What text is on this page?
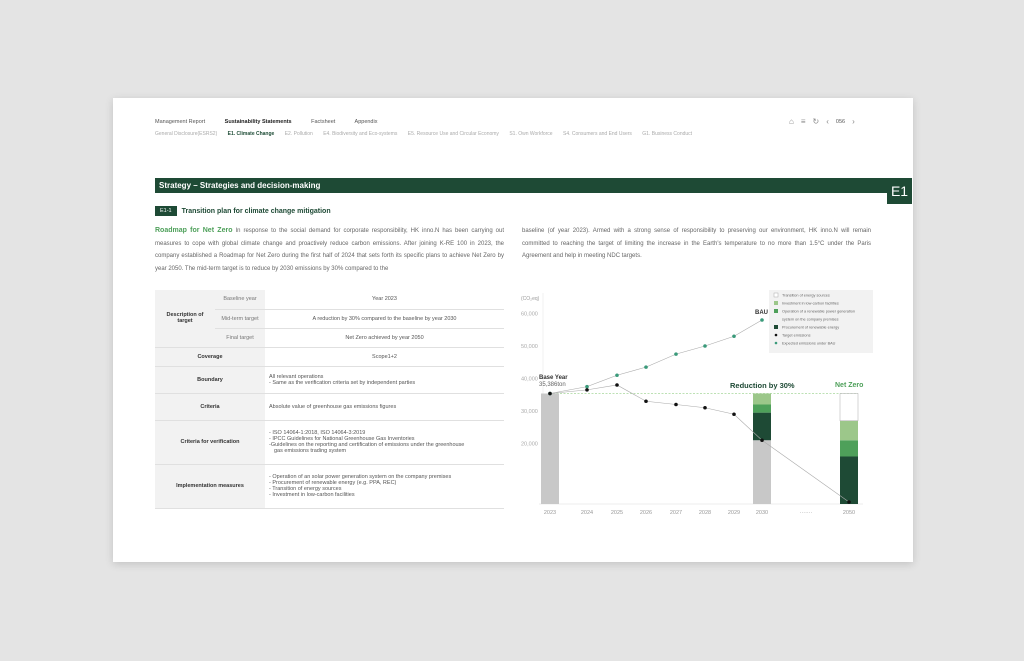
Management Report	Sustainability Statements	Factsheet	Appendix
General Disclosure(ESRS2) E1. Climate Change E2. Pollution E4. Biodiversity and Eco-systems E5. Resource Use and Circular Economy S1. Own Workforce S4. Consumers and End Users G1. Business Conduct
⌂ ≡ ↻ ‹ 056 ›
Strategy – Strategies and decision-making
E1-1	Transition plan for climate change mitigation
Roadmap for Net Zero In response to the social demand for corporate responsibility, HK inno.N has been carrying out measures to cope with global climate change and proactively reduce carbon emissions. After joining K-RE 100 in 2023, the company established a Roadmap for Net Zero during the first half of 2024 that sets forth its specific plans to achieve Net Zero by year 2050. The mid-term target is to reduce by 2030 emissions by 30% compared to the
baseline (of year 2023). Armed with a strong sense of responsibility to preserving our environment, HK inno.N will remain committed to reaching the target of limiting the increase in the Earth's temperature to no more than 1.5°C under the Paris Agreement and help in meeting NDC targets.
Description of target	Baseline year	Year 2023
	Mid-term target	A reduction by 30% compared to the baseline by year 2030
	Final target	Net Zero achieved by year 2050
Coverage		Scope1+2
Boundary		All relevant operations
- Same as the verification criteria set by independent parties

Criteria		Absolute value of greenhouse gas emissions figures
Criteria for verification		- ISO 14064-1:2018, ISO 14064-3:2019
- IPCC Guidelines for National Greenhouse Gas Inventories
-Guidelines on the reporting and certification of emissions under the greenhouse
gas emissions trading system

Implementation measures		- Operation of an solar power generation system on the company premises
- Procurement of renewable energy (e.g. PPA, REC)
- Transition of energy sources
- Investment in low-carbon facilities
(CO₂eq)
20,000
30,000
40,000
50,000
60,000
2023	2024	2025	2026	2027	2028	2029	2030	·······	2050
Base Year
35,386ton
BAU
Reduction by 30%	Net Zero
Transition of energy sources
Investment in low-carbon facilities
Operation of a renewable power generation
system on the company premises
Procurement of renewable energy
Target emissions
Expected emissions under BAU
E1
